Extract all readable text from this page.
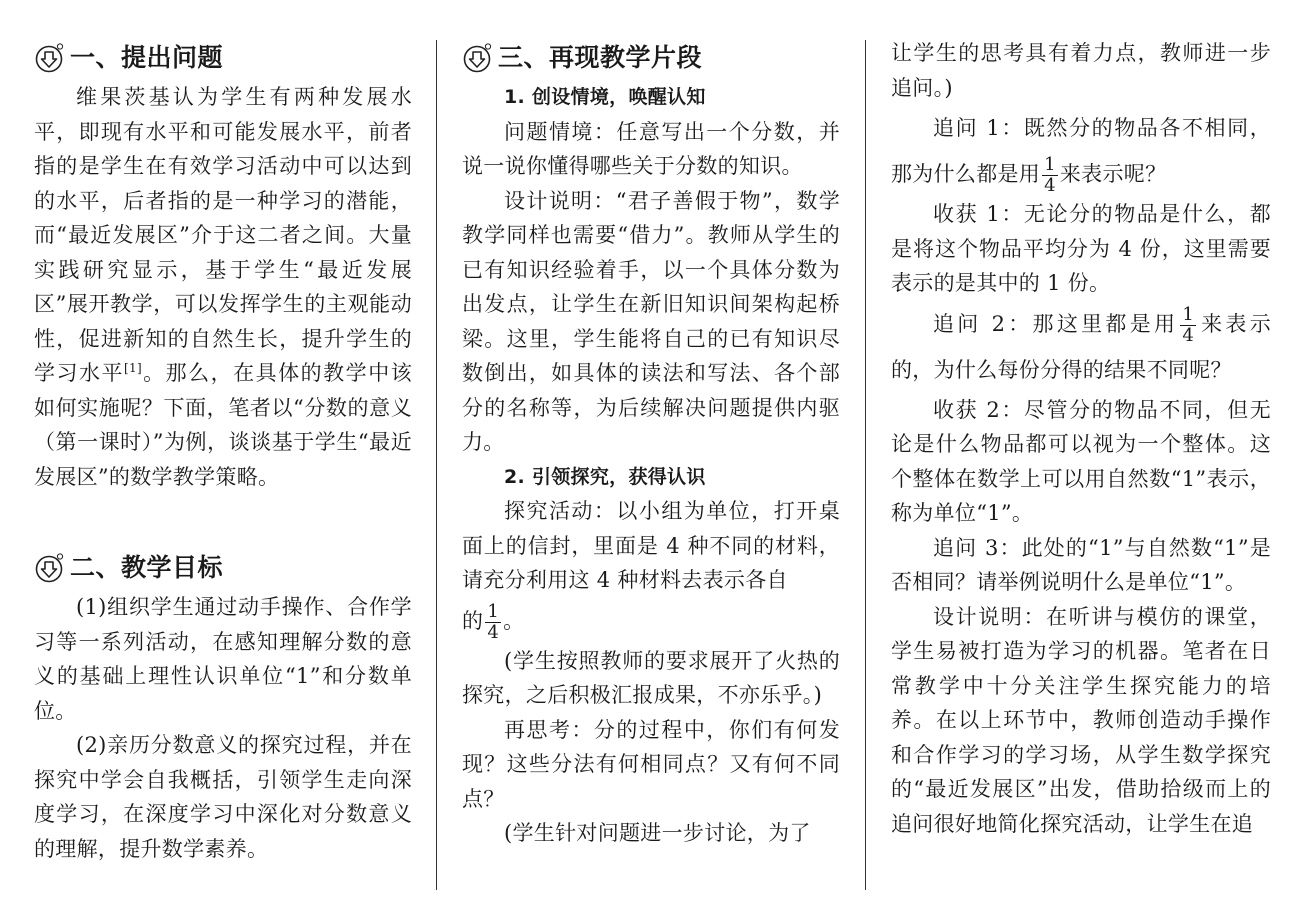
一、提出问题

维果茨基认为学生有两种发展水平，即现有水平和可能发展水平，前者指的是学生在有效学习活动中可以达到的水平，后者指的是一种学习的潜能，而“最近发展区”介于这二者之间。大量实践研究显示，基于学生“最近发展区”展开教学，可以发挥学生的主观能动性，促进新知的自然生长，提升学生的学习水平[1]。那么，在具体的教学中该如何实施呢？下面，笔者以“分数的意义（第一课时）”为例，谈谈基于学生“最近发展区”的数学教学策略。

二、教学目标

(1)组织学生通过动手操作、合作学习等一系列活动，在感知理解分数的意义的基础上理性认识单位“1”和分数单位。

(2)亲历分数意义的探究过程，并在探究中学会自我概括，引领学生走向深度学习，在深度学习中深化对分数意义的理解，提升数学素养。

三、再现教学片段

1. 创设情境，唤醒认知

问题情境：任意写出一个分数，并说一说你懂得哪些关于分数的知识。

设计说明：“君子善假于物”，数学教学同样也需要“借力”。教师从学生的已有知识经验着手，以一个具体分数为出发点，让学生在新旧知识间架构起桥梁。这里，学生能将自己的已有知识尽数倒出，如具体的读法和写法、各个部分的名称等，为后续解决问题提供内驱力。

2. 引领探究，获得认识

探究活动：以小组为单位，打开桌面上的信封，里面是 4 种不同的材料，请充分利用这 4 种材料去表示各自

的 $\frac{1}{4}$ 。

(学生按照教师的要求展开了火热的探究，之后积极汇报成果，不亦乐乎。)

再思考：分的过程中，你们有何发现？这些分法有何相同点？又有何不同点？

(学生针对问题进一步讨论，为了

让学生的思考具有着力点，教师进一步追问。)

追问 1：既然分的物品各不相同，那为什么都是用 $\frac{1}{4}$ 来表示呢？

收获 1：无论分的物品是什么，都是将这个物品平均分为 4 份，这里需要表示的是其中的 1 份。

追问 2：那这里都是用 $\frac{1}{4}$ 来表示的，为什么每份分得的结果不同呢？

收获 2：尽管分的物品不同，但无论是什么物品都可以视为一个整体。这个整体在数学上可以用自然数“1”表示，称为单位“1”。

追问 3：此处的“1”与自然数“1”是否相同？请举例说明什么是单位“1”。

设计说明：在听讲与模仿的课堂，学生易被打造为学习的机器。笔者在日常教学中十分关注学生探究能力的培养。在以上环节中，教师创造动手操作和合作学习的学习场，从学生数学探究的“最近发展区”出发，借助拾级而上的追问很好地简化探究活动，让学生在追
